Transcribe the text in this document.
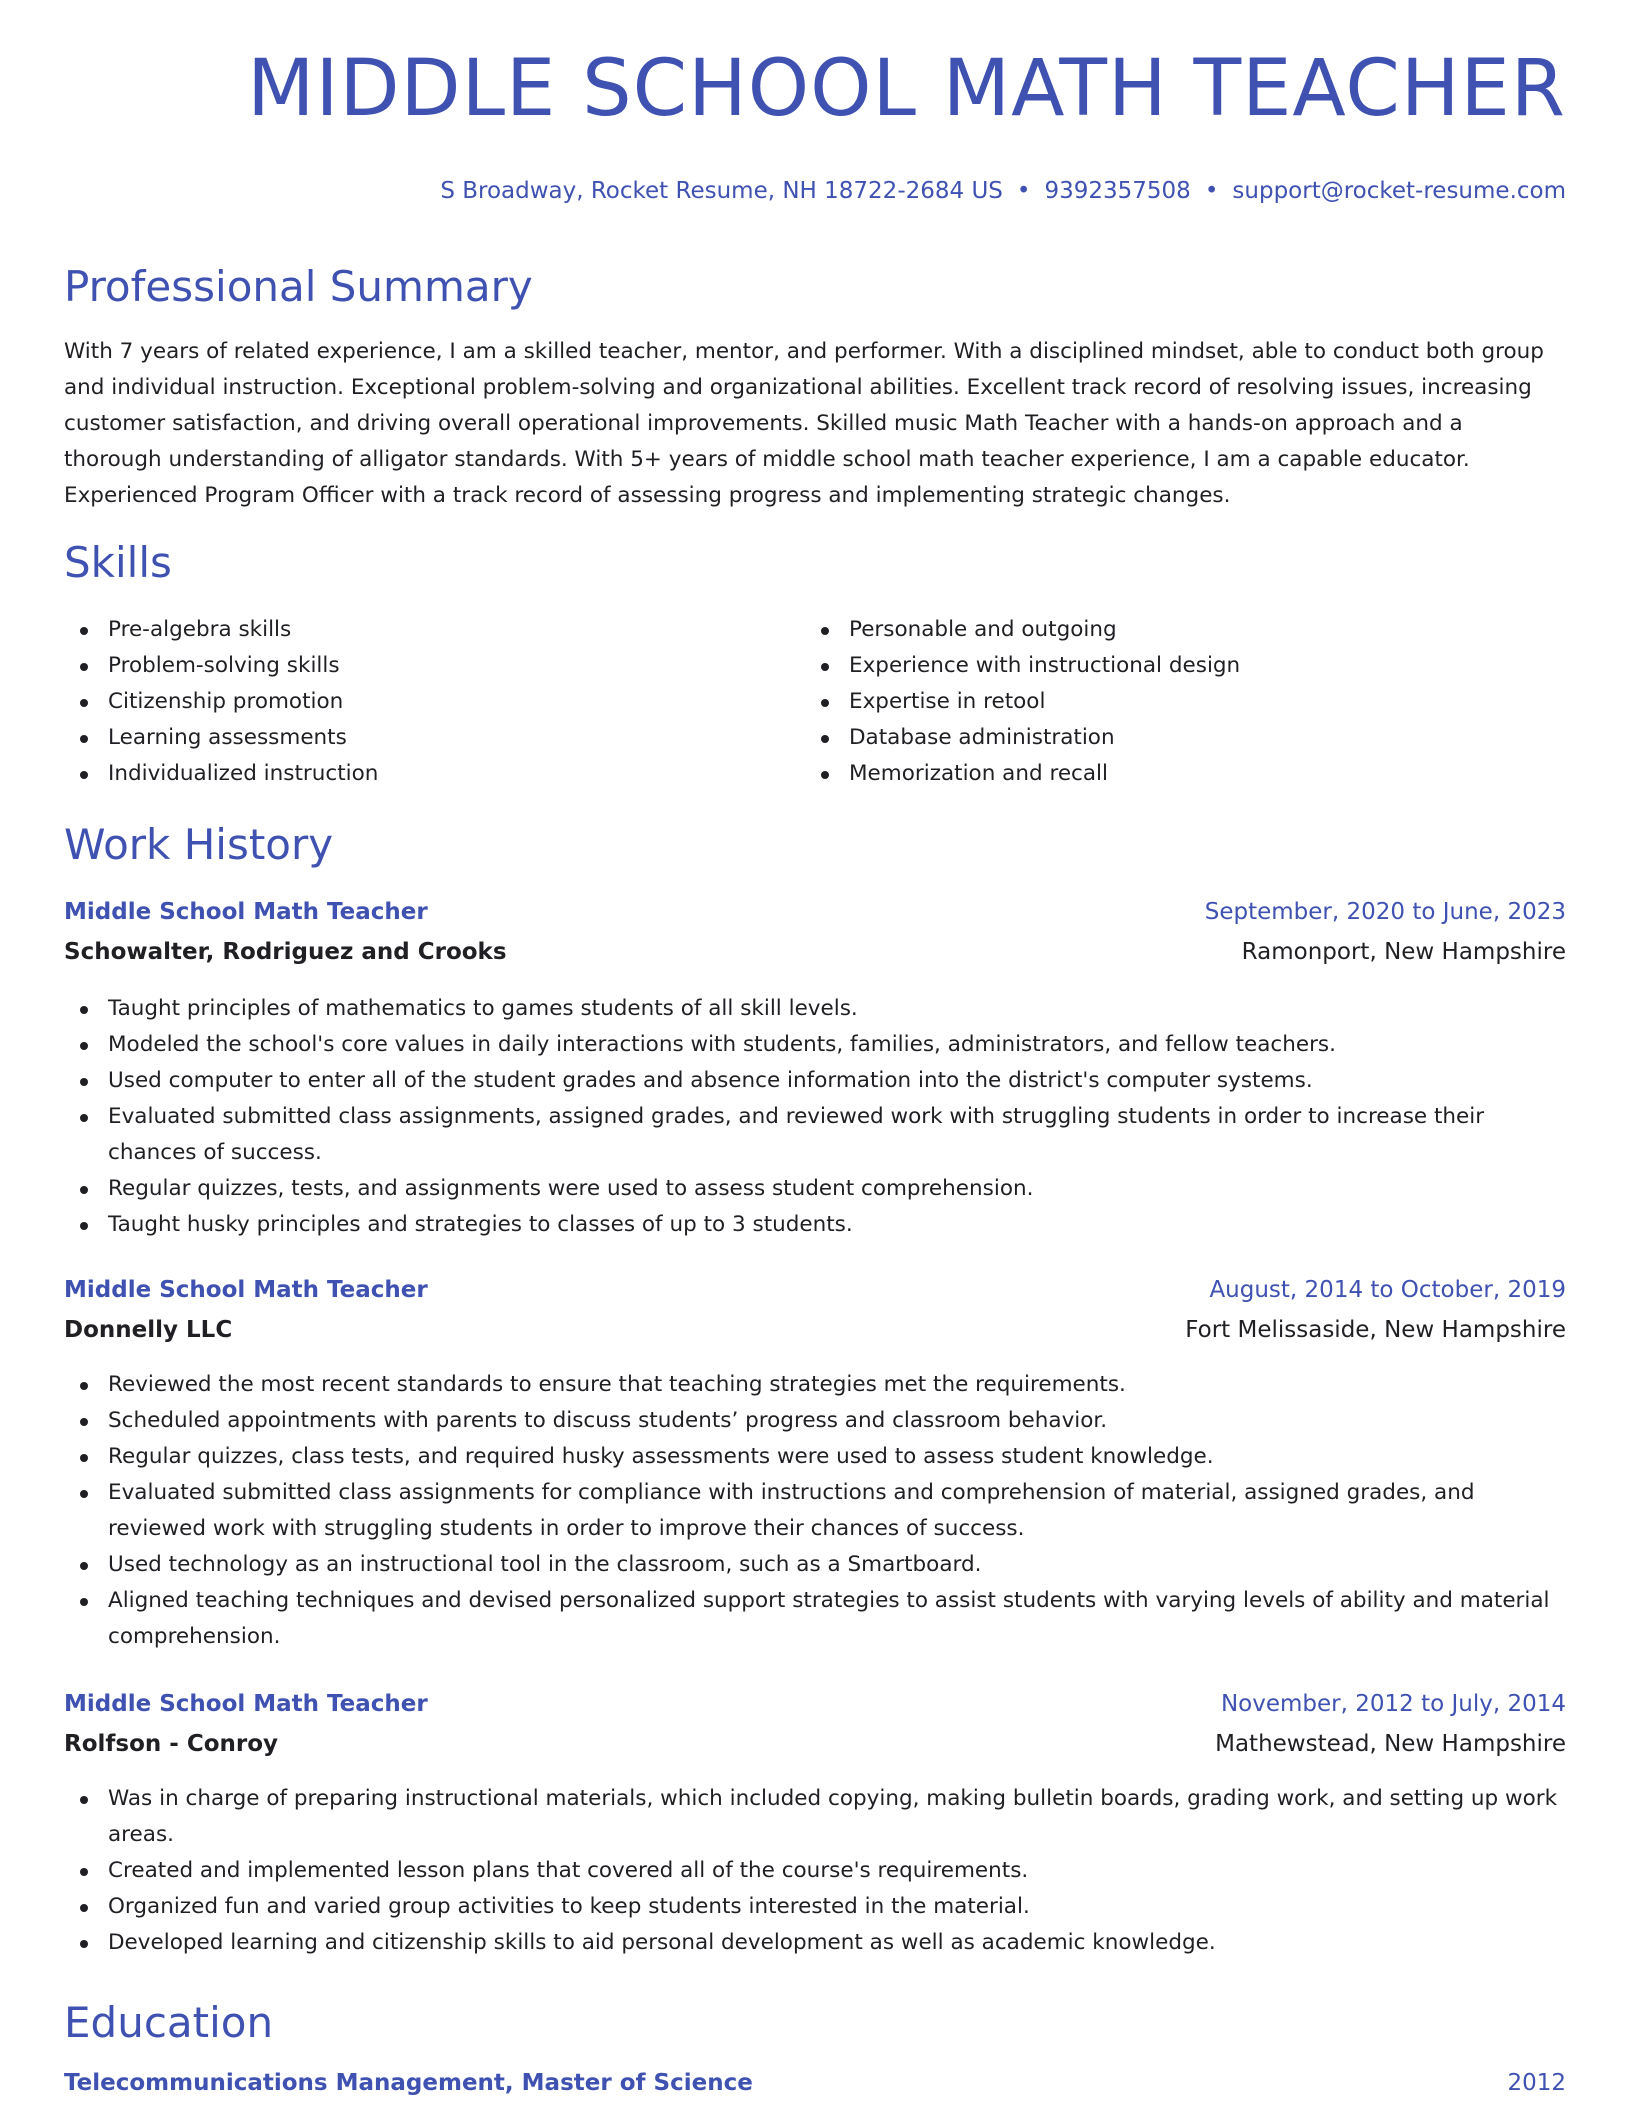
MIDDLE SCHOOL MATH TEACHER
S Broadway, Rocket Resume, NH 18722-2684 US • 9392357508 • support@rocket-resume.com
Professional Summary

With 7 years of related experience, I am a skilled teacher, mentor, and performer. With a disciplined mindset, able to conduct both group and individual instruction. Exceptional problem-solving and organizational abilities. Excellent track record of resolving issues, increasing customer satisfaction, and driving overall operational improvements. Skilled music Math Teacher with a hands-on approach and a thorough understanding of alligator standards. With 5+ years of middle school math teacher experience, I am a capable educator. Experienced Program Officer with a track record of assessing progress and implementing strategic changes.

Skills
Pre-algebra skills
Problem-solving skills
Citizenship promotion
Learning assessments
Individualized instruction
Personable and outgoing
Experience with instructional design
Expertise in retool
Database administration
Memorization and recall
Work History
Middle School Math Teacher	September, 2020 to June, 2023
Schowalter, Rodriguez and Crooks	Ramonport, New Hampshire
Taught principles of mathematics to games students of all skill levels.
Modeled the school's core values in daily interactions with students, families, administrators, and fellow teachers.
Used computer to enter all of the student grades and absence information into the district's computer systems.
Evaluated submitted class assignments, assigned grades, and reviewed work with struggling students in order to increase their chances of success.
Regular quizzes, tests, and assignments were used to assess student comprehension.
Taught husky principles and strategies to classes of up to 3 students.
Middle School Math Teacher	August, 2014 to October, 2019
Donnelly LLC	Fort Melissaside, New Hampshire
Reviewed the most recent standards to ensure that teaching strategies met the requirements.
Scheduled appointments with parents to discuss students’ progress and classroom behavior.
Regular quizzes, class tests, and required husky assessments were used to assess student knowledge.
Evaluated submitted class assignments for compliance with instructions and comprehension of material, assigned grades, and reviewed work with struggling students in order to improve their chances of success.
Used technology as an instructional tool in the classroom, such as a Smartboard.
Aligned teaching techniques and devised personalized support strategies to assist students with varying levels of ability and material comprehension.
Middle School Math Teacher	November, 2012 to July, 2014
Rolfson - Conroy	Mathewstead, New Hampshire
Was in charge of preparing instructional materials, which included copying, making bulletin boards, grading work, and setting up work areas.
Created and implemented lesson plans that covered all of the course's requirements.
Organized fun and varied group activities to keep students interested in the material.
Developed learning and citizenship skills to aid personal development as well as academic knowledge.
Education
Telecommunications Management, Master of Science	2012
